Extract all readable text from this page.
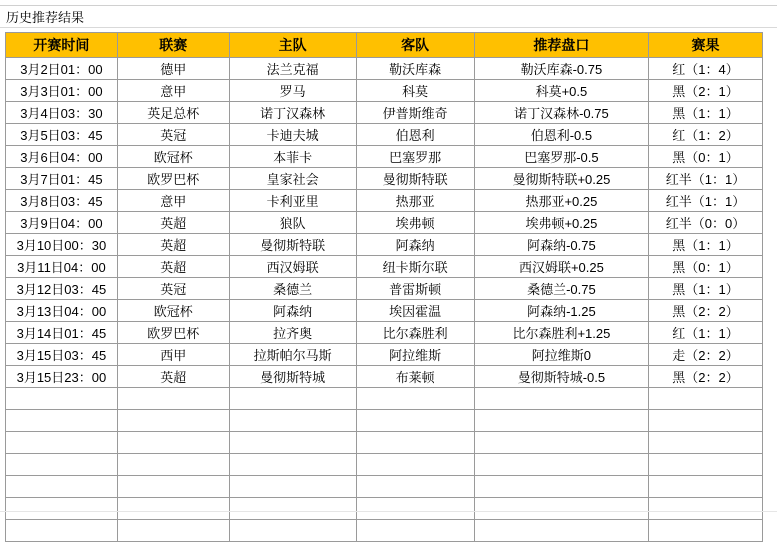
历史推荐结果
开赛时间	联赛	主队	客队	推荐盘口	赛果
3月2日01：00	德甲	法兰克福	勒沃库森	勒沃库森-0.75	红（1：4）
3月3日01：00	意甲	罗马	科莫	科莫+0.5	黑（2：1）
3月4日03：30	英足总杯	诺丁汉森林	伊普斯维奇	诺丁汉森林-0.75	黑（1：1）
3月5日03：45	英冠	卡迪夫城	伯恩利	伯恩利-0.5	红（1：2）
3月6日04：00	欧冠杯	本菲卡	巴塞罗那	巴塞罗那-0.5	黑（0：1）
3月7日01：45	欧罗巴杯	皇家社会	曼彻斯特联	曼彻斯特联+0.25	红半（1：1）
3月8日03：45	意甲	卡利亚里	热那亚	热那亚+0.25	红半（1：1）
3月9日04：00	英超	狼队	埃弗顿	埃弗顿+0.25	红半（0：0）
3月10日00：30	英超	曼彻斯特联	阿森纳	阿森纳-0.75	黑（1：1）
3月11日04：00	英超	西汉姆联	纽卡斯尔联	西汉姆联+0.25	黑（0：1）
3月12日03：45	英冠	桑德兰	普雷斯顿	桑德兰-0.75	黑（1：1）
3月13日04：00	欧冠杯	阿森纳	埃因霍温	阿森纳-1.25	黑（2：2）
3月14日01：45	欧罗巴杯	拉齐奥	比尔森胜利	比尔森胜利+1.25	红（1：1）
3月15日03：45	西甲	拉斯帕尔马斯	阿拉维斯	阿拉维斯0	走（2：2）
3月15日23：00	英超	曼彻斯特城	布莱顿	曼彻斯特城-0.5	黑（2：2）
